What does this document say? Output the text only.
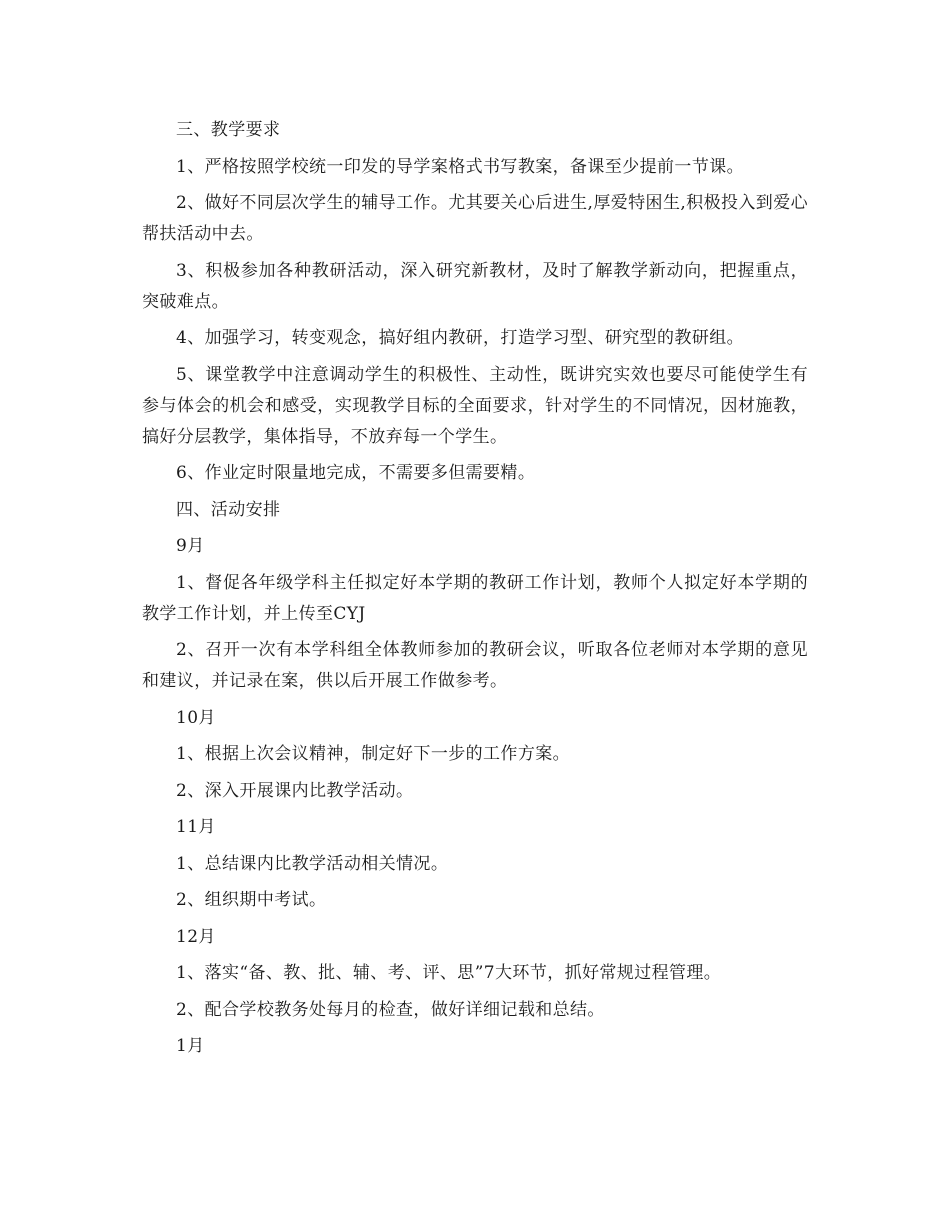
三、教学要求

1、严格按照学校统一印发的导学案格式书写教案，备课至少提前一节课。

2、做好不同层次学生的辅导工作。尤其要关心后进生,厚爱特困生,积极投入到爱心帮扶活动中去。

3、积极参加各种教研活动，深入研究新教材，及时了解教学新动向，把握重点，突破难点。

4、加强学习，转变观念，搞好组内教研，打造学习型、研究型的教研组。

5、课堂教学中注意调动学生的积极性、主动性，既讲究实效也要尽可能使学生有参与体会的机会和感受，实现教学目标的全面要求，针对学生的不同情况，因材施教，搞好分层教学，集体指导，不放弃每一个学生。

6、作业定时限量地完成，不需要多但需要精。

四、活动安排

9月

1、督促各年级学科主任拟定好本学期的教研工作计划，教师个人拟定好本学期的教学工作计划，并上传至CYJ

2、召开一次有本学科组全体教师参加的教研会议，听取各位老师对本学期的意见和建议，并记录在案，供以后开展工作做参考。

10月

1、根据上次会议精神，制定好下一步的工作方案。

2、深入开展课内比教学活动。

11月

1、总结课内比教学活动相关情况。

2、组织期中考试。

12月

1、落实“备、教、批、辅、考、评、思”7大环节，抓好常规过程管理。

2、配合学校教务处每月的检查，做好详细记载和总结。

1月
